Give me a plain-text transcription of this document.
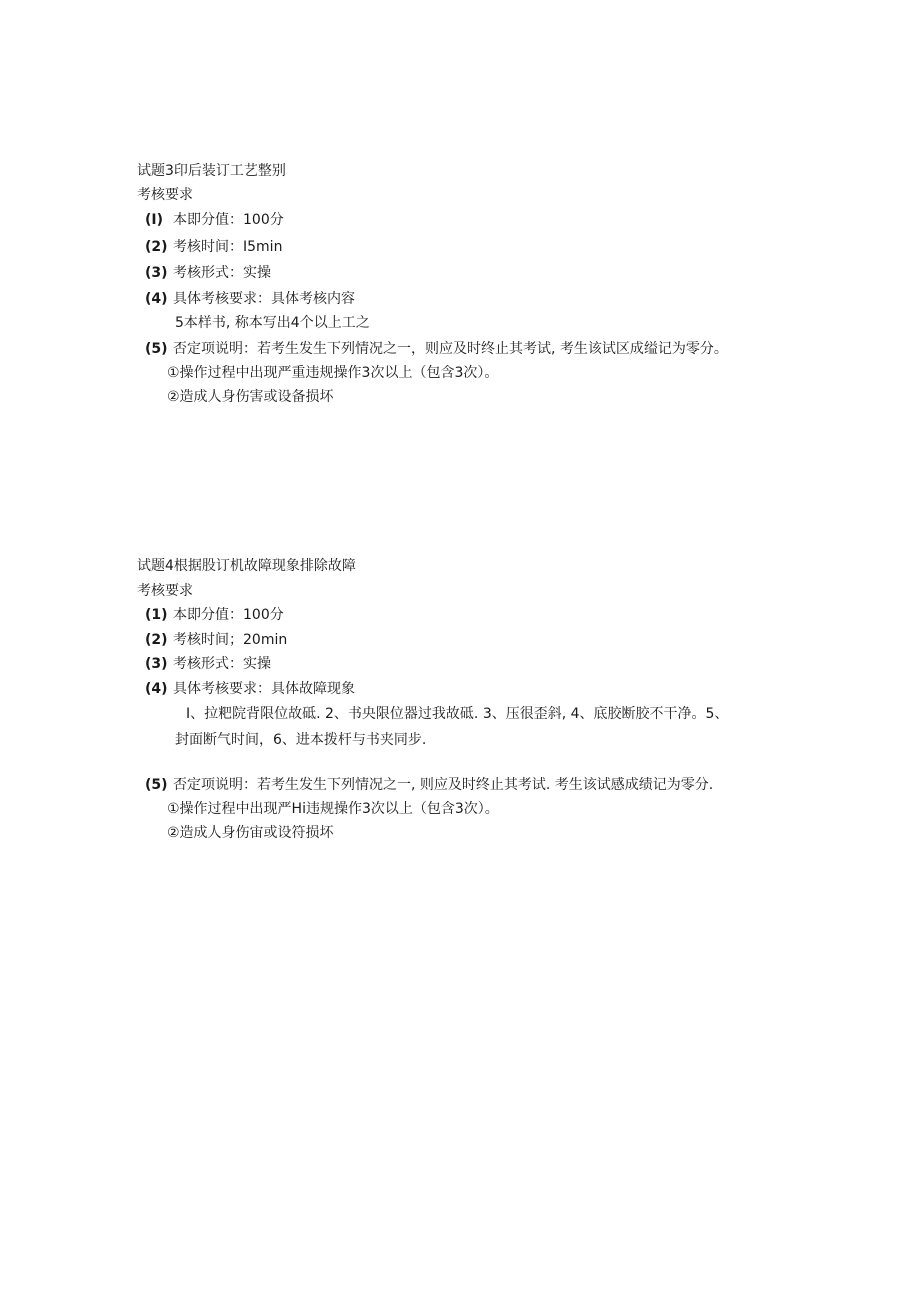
试题3印后装订工艺整别
考核要求
(I) 本即分值：100分
(2) 考核时间：I5min
(3) 考核形式：实操
(4) 具体考核要求：具体考核内容
5本样书, 称本写出4个以上工之
(5) 否定项说明：若考生发生下列情况之一，则应及时终止其考试, 考生该试区成缢记为零分。
①操作过程中出现严重违规操作3次以上（包含3次）。
②造成人身伤害或设备损坏
试题4根据股订机故障现象排除故障
考核要求
(1) 本即分值：100分
(2) 考核时间；20min
(3) 考核形式：实操
(4) 具体考核要求：具体故障现象
I、拉粑院背限位故砥. 2、书央限位器过我故砥. 3、压很歪斜, 4、底胶断胶不干净。5、
封面断气时间，6、进本拨杆与书夹同步.
(5) 否定项说明：若考生发生下列情况之一, 则应及时终止其考试. 考生该试感成绩记为零分.
①操作过程中出现严Hi违规操作3次以上（包含3次）。
②造成人身伤宙或设符损坏
